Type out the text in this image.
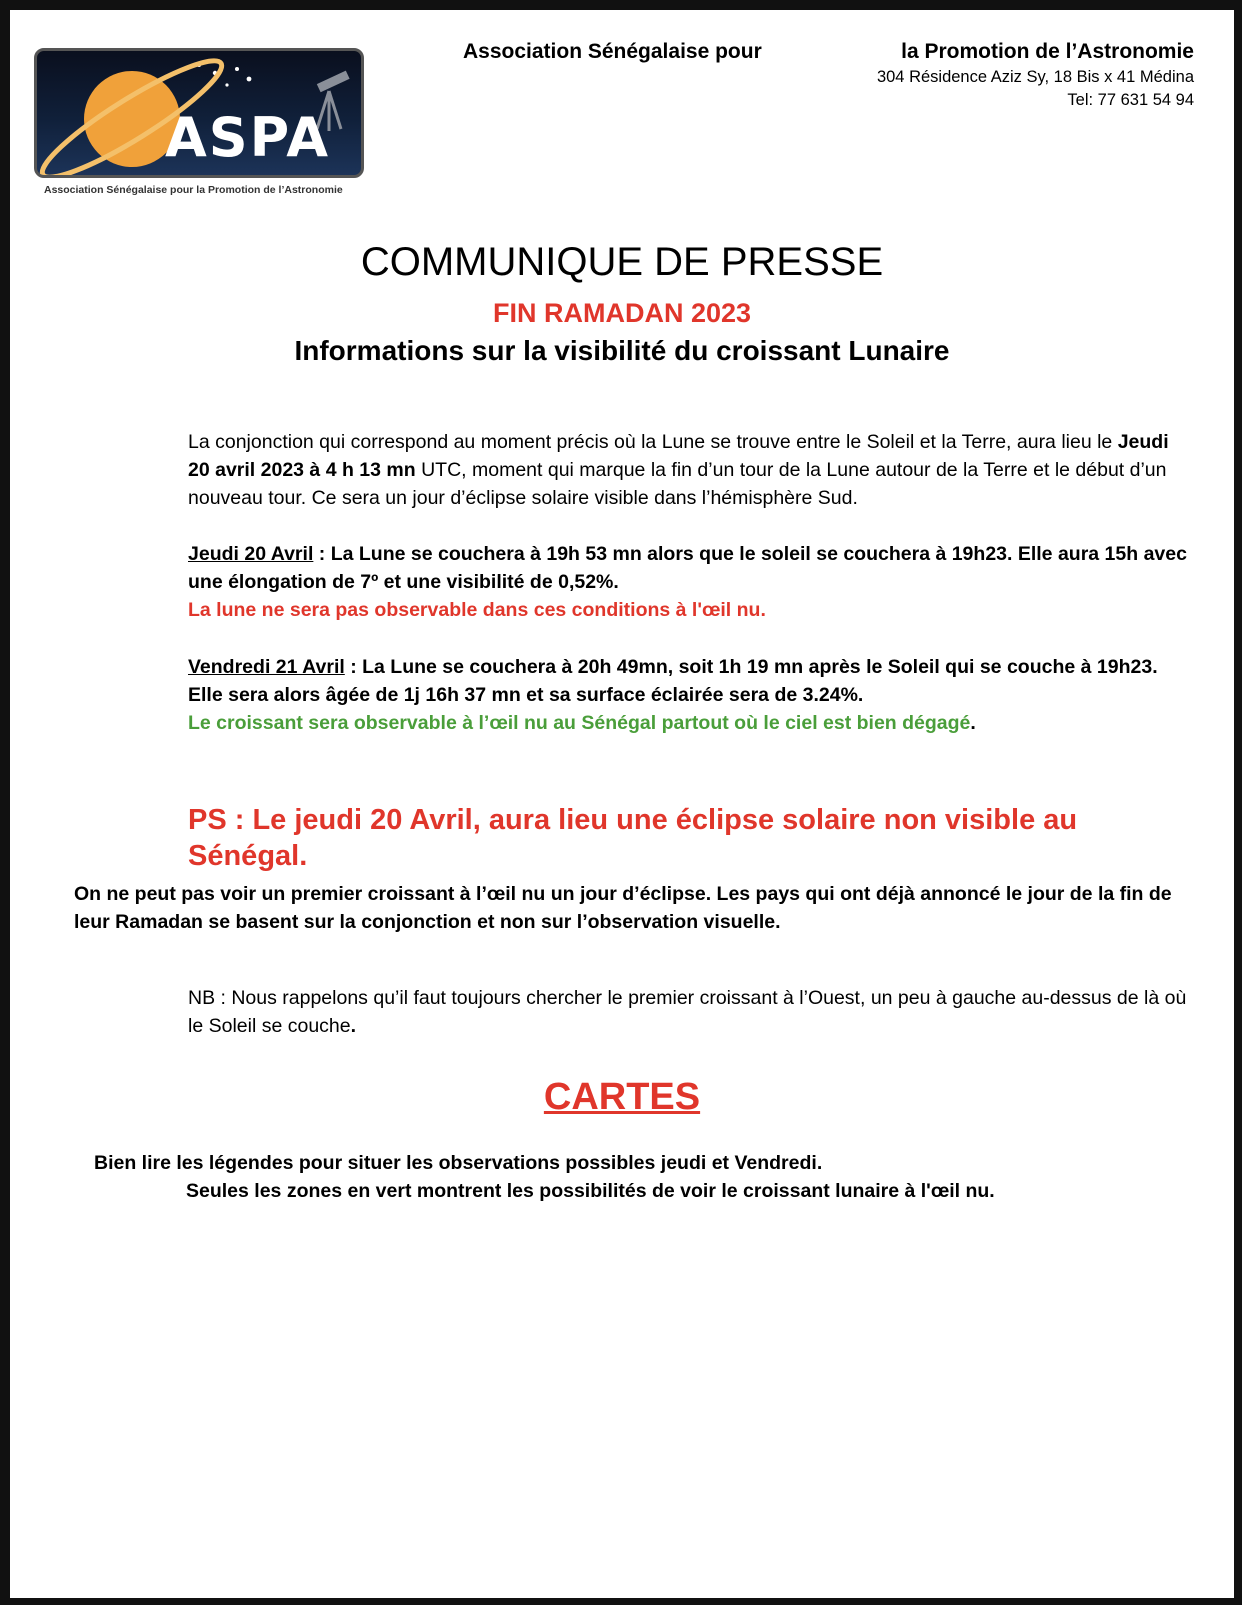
ASPA
Association Sénégalaise pour la Promotion de l’Astronomie
Association Sénégalaise pour	la Promotion de l’Astronomie
304 Résidence Aziz Sy, 18 Bis x 41 Médina
Tel: 77 631 54 94
COMMUNIQUE DE PRESSE
FIN RAMADAN 2023
Informations sur la visibilité du croissant Lunaire
La conjonction qui correspond au moment précis où la Lune se trouve entre le Soleil et la Terre, aura lieu le Jeudi 20 avril 2023 à 4 h 13 mn UTC, moment qui marque la fin d’un tour de la Lune autour de la Terre et le début d’un nouveau tour. Ce sera un jour d’éclipse solaire visible dans l’hémisphère Sud.
Jeudi 20 Avril : La Lune se couchera à 19h 53 mn alors que le soleil se couchera à 19h23. Elle aura 15h avec une élongation de 7º et une visibilité de 0,52%.
La lune ne sera pas observable dans ces conditions à l'œil nu.
Vendredi 21 Avril : La Lune se couchera à 20h 49mn, soit 1h 19 mn après le Soleil qui se couche à 19h23. Elle sera alors âgée de 1j 16h 37 mn et sa surface éclairée sera de 3.24%.
Le croissant sera observable à l’œil nu au Sénégal partout où le ciel est bien dégagé.
PS : Le jeudi 20 Avril, aura lieu une éclipse solaire non visible au Sénégal.
On ne peut pas voir un premier croissant à l’œil nu un jour d’éclipse. Les pays qui ont déjà annoncé le jour de la fin de leur Ramadan se basent sur la conjonction et non sur l’observation visuelle.
NB : Nous rappelons qu’il faut toujours chercher le premier croissant à l’Ouest, un peu à gauche au-dessus de là où le Soleil se couche.
CARTES
Bien lire les légendes pour situer les observations possibles jeudi et Vendredi.
Seules les zones en vert montrent les possibilités de voir le croissant lunaire à l'œil nu.
